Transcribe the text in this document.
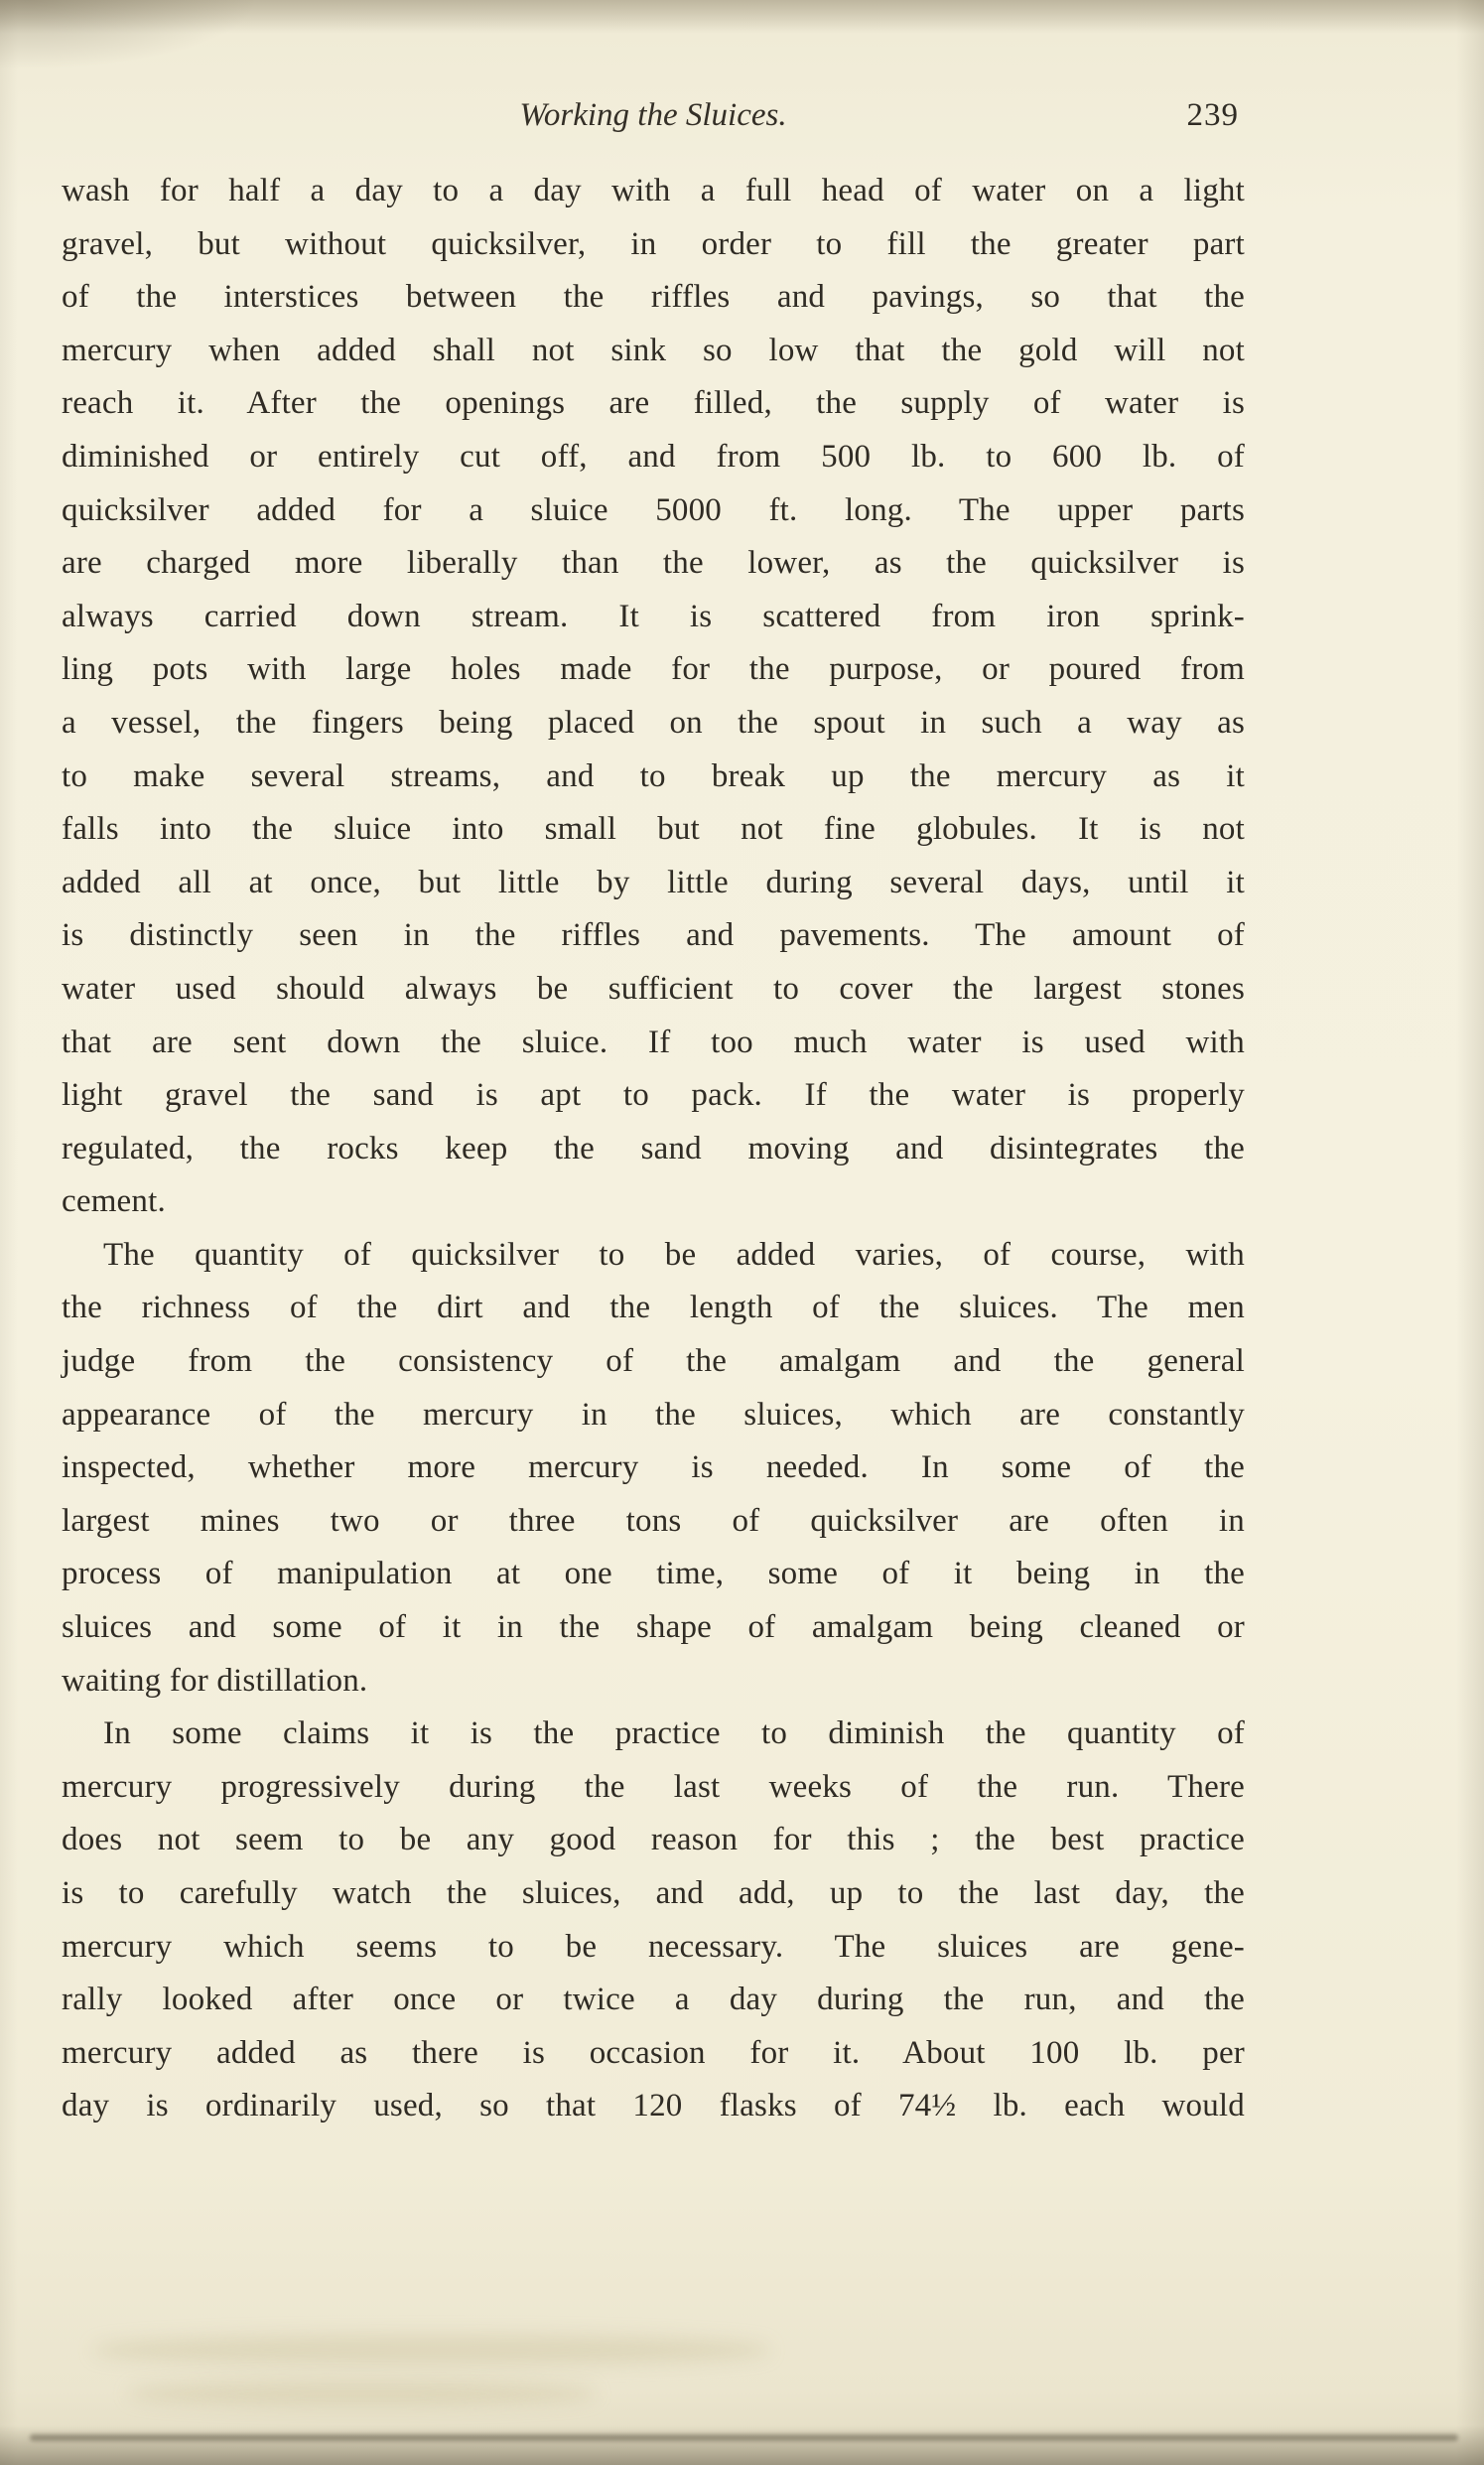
Working the Sluices.	239
wash for half a day to a day with a full head of water on a light
gravel, but without quicksilver, in order to fill the greater part
of the interstices between the riffles and pavings, so that the
mercury when added shall not sink so low that the gold will not
reach it. After the openings are filled, the supply of water is
diminished or entirely cut off, and from 500 lb. to 600 lb. of
quicksilver added for a sluice 5000 ft. long. The upper parts
are charged more liberally than the lower, as the quicksilver is
always carried down stream. It is scattered from iron sprink-
ling pots with large holes made for the purpose, or poured from
a vessel, the fingers being placed on the spout in such a way as
to make several streams, and to break up the mercury as it
falls into the sluice into small but not fine globules. It is not
added all at once, but little by little during several days, until it
is distinctly seen in the riffles and pavements. The amount of
water used should always be sufficient to cover the largest stones
that are sent down the sluice. If too much water is used with
light gravel the sand is apt to pack. If the water is properly
regulated, the rocks keep the sand moving and disintegrates the
cement.
The quantity of quicksilver to be added varies, of course, with
the richness of the dirt and the length of the sluices. The men
judge from the consistency of the amalgam and the general
appearance of the mercury in the sluices, which are constantly
inspected, whether more mercury is needed. In some of the
largest mines two or three tons of quicksilver are often in
process of manipulation at one time, some of it being in the
sluices and some of it in the shape of amalgam being cleaned or
waiting for distillation.
In some claims it is the practice to diminish the quantity of
mercury progressively during the last weeks of the run. There
does not seem to be any good reason for this ; the best practice
is to carefully watch the sluices, and add, up to the last day, the
mercury which seems to be necessary. The sluices are gene-
rally looked after once or twice a day during the run, and the
mercury added as there is occasion for it. About 100 lb. per
day is ordinarily used, so that 120 flasks of 74½ lb. each would
